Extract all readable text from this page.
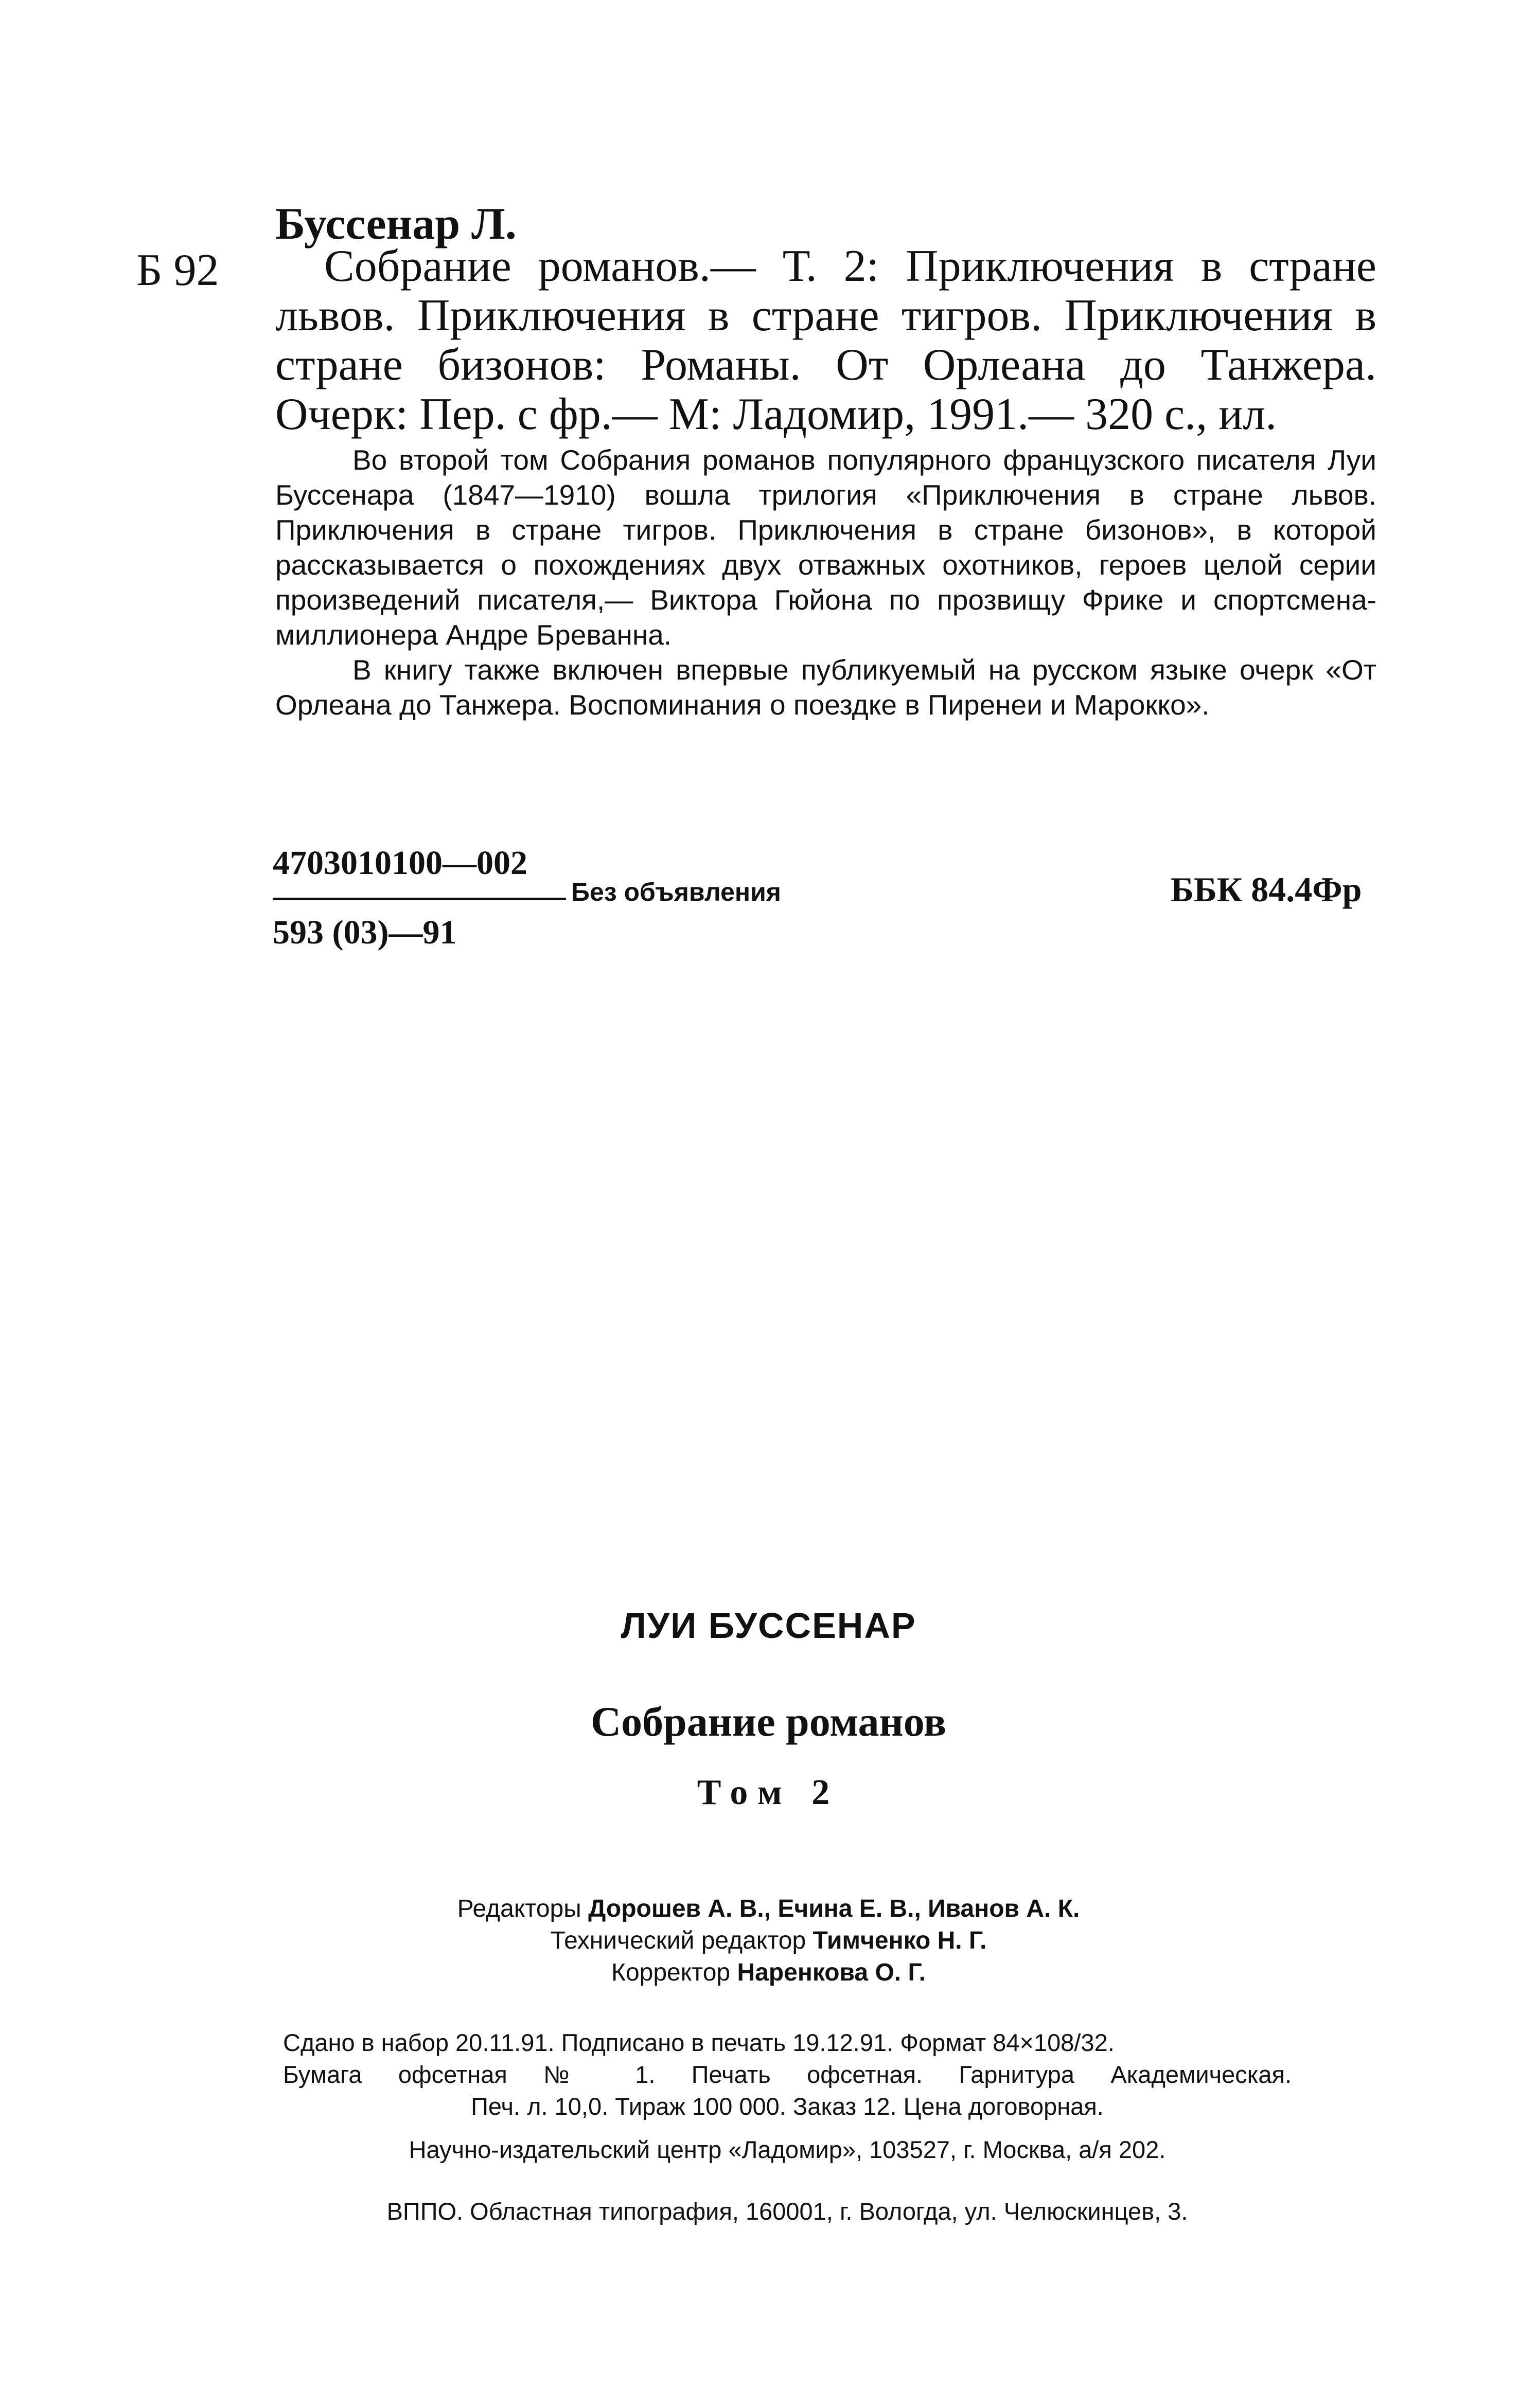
Буссенар Л.
Б 92	Собрание романов.— Т. 2: Приключения в стране львов. Приключения в стране тигров. Приключения в стране бизонов: Романы. От Орлеана до Танжера. Очерк: Пер. с фр.— М: Ладомир, 1991.— 320 с., ил.

Во второй том Собрания романов популярного французского писателя Луи Буссенара (1847—1910) вошла трилогия «Приключения в стране львов. Приключения в стране тигров. Приключения в стране бизонов», в которой рассказывается о похождениях двух отважных охотников, героев целой серии произведений писателя,— Виктора Гюйона по прозвищу Фрике и спортсмена-миллионера Андре Бреванна.

В книгу также включен впервые публикуемый на русском языке очерк «От Орлеана до Танжера. Воспоминания о поездке в Пиренеи и Марокко».

4703010100—002
593 (03)—91
Без объявления	ББК 84.4Фр
ЛУИ БУССЕНАР
Собрание романов
Том 2
Редакторы Дорошев А. В., Ечина Е. В., Иванов А. К.
Технический редактор Тимченко Н. Г.
Корректор Наренкова О. Г.
Сдано в набор 20.11.91. Подписано в печать 19.12.91. Формат 84×108/32.
Бумага офсетная № 1. Печать офсетная. Гарнитура Академическая.
Печ. л. 10,0. Тираж 100 000. Заказ 12. Цена договорная.
Научно-издательский центр «Ладомир», 103527, г. Москва, а/я 202.
ВППО. Областная типография, 160001, г. Вологда, ул. Челюскинцев, 3.
